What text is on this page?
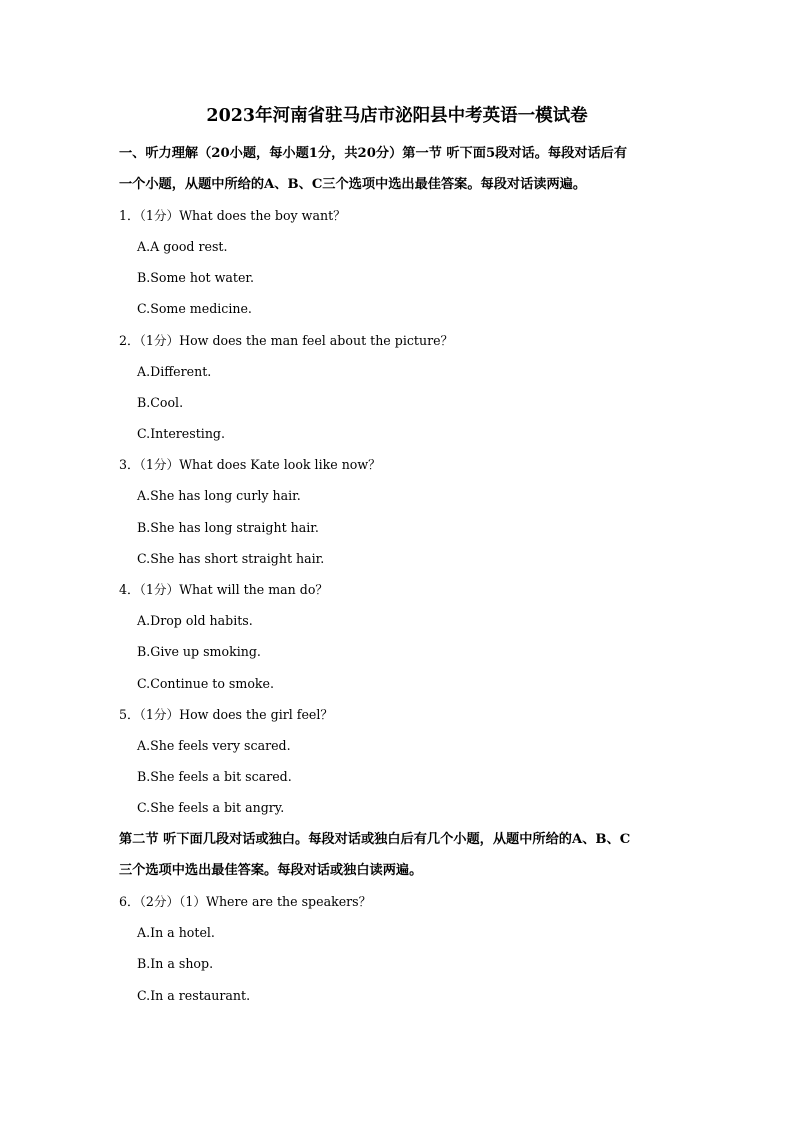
2023年河南省驻马店市泌阳县中考英语一模试卷
一、听力理解（20小题，每小题1分，共20分）第一节 听下面5段对话。每段对话后有
一个小题，从题中所给的A、B、C三个选项中选出最佳答案。每段对话读两遍。
1．（1分）What does the boy want？
A.A good rest.
B.Some hot water.
C.Some medicine.
2．（1分）How does the man feel about the picture？
A.Different.
B.Cool.
C.Interesting.
3．（1分）What does Kate look like now？
A.She has long curly hair.
B.She has long straight hair.
C.She has short straight hair.
4．（1分）What will the man do？
A.Drop old habits.
B.Give up smoking.
C.Continue to smoke.
5．（1分）How does the girl feel？
A.She feels very scared.
B.She feels a bit scared.
C.She feels a bit angry.
第二节 听下面几段对话或独白。每段对话或独白后有几个小题，从题中所给的A、B、C
三个选项中选出最佳答案。每段对话或独白读两遍。
6．（2分）（1）Where are the speakers？
A.In a hotel.
B.In a shop.
C.In a restaurant.
